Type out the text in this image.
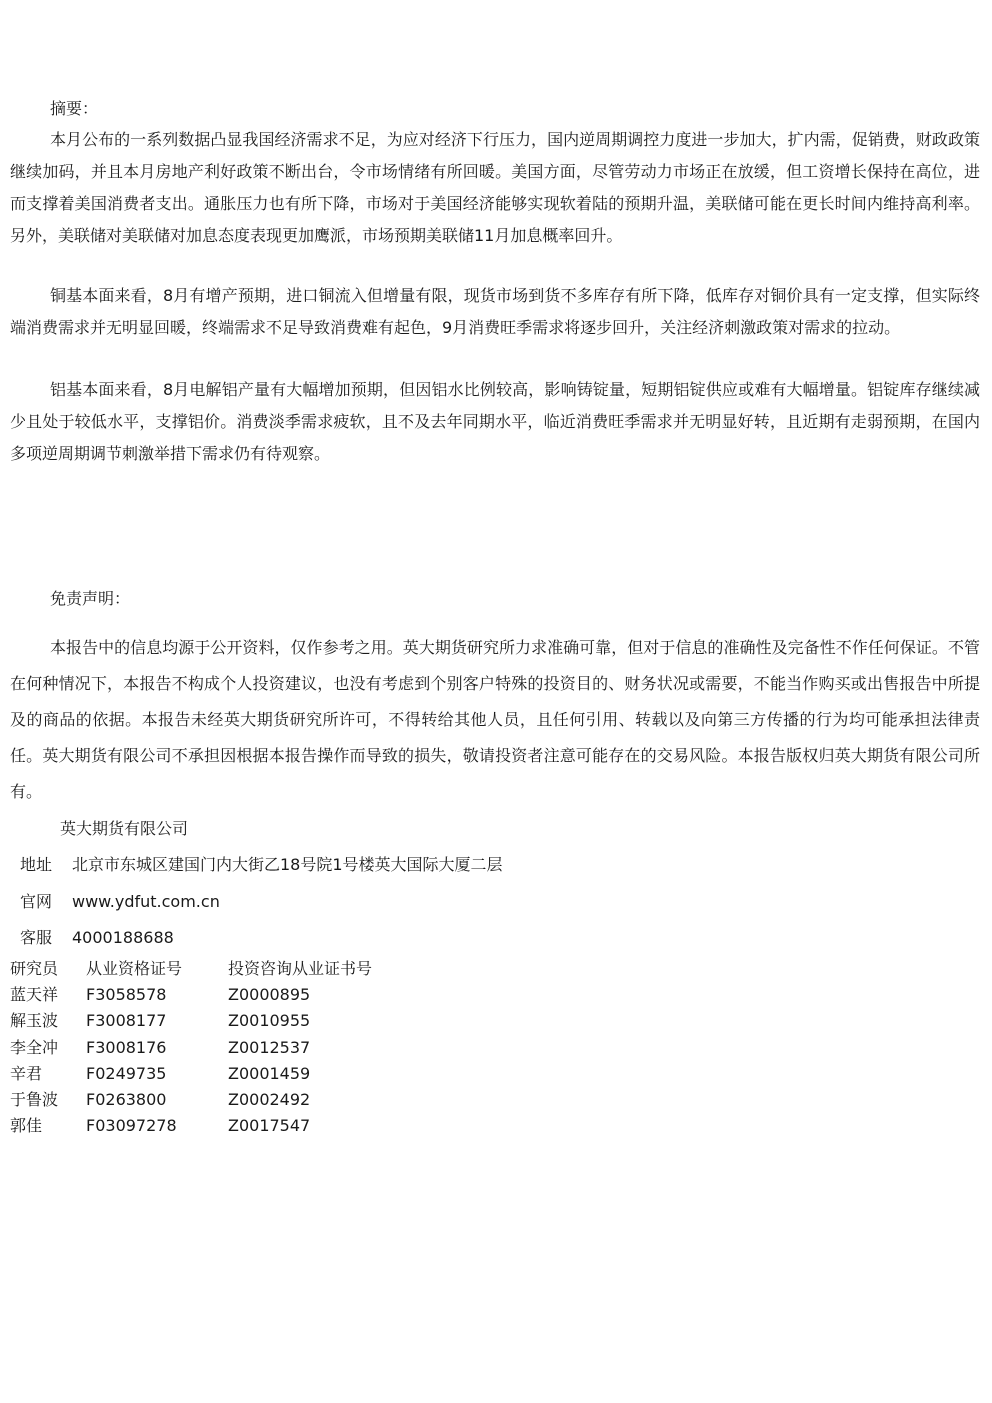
摘要：

本月公布的一系列数据凸显我国经济需求不足，为应对经济下行压力，国内逆周期调控力度进一步加大，扩内需，促销费，财政政策继续加码，并且本月房地产利好政策不断出台，令市场情绪有所回暖。美国方面，尽管劳动力市场正在放缓，但工资增长保持在高位，进而支撑着美国消费者支出。通胀压力也有所下降，市场对于美国经济能够实现软着陆的预期升温，美联储可能在更长时间内维持高利率。另外，美联储对美联储对加息态度表现更加鹰派，市场预期美联储11月加息概率回升。

铜基本面来看，8月有增产预期，进口铜流入但增量有限，现货市场到货不多库存有所下降，低库存对铜价具有一定支撑，但实际终端消费需求并无明显回暖，终端需求不足导致消费难有起色，9月消费旺季需求将逐步回升，关注经济刺激政策对需求的拉动。

铝基本面来看，8月电解铝产量有大幅增加预期，但因铝水比例较高，影响铸锭量，短期铝锭供应或难有大幅增量。铝锭库存继续减少且处于较低水平，支撑铝价。消费淡季需求疲软，且不及去年同期水平，临近消费旺季需求并无明显好转，且近期有走弱预期，在国内多项逆周期调节刺激举措下需求仍有待观察。

免责声明：

本报告中的信息均源于公开资料，仅作参考之用。英大期货研究所力求准确可靠，但对于信息的准确性及完备性不作任何保证。不管在何种情况下，本报告不构成个人投资建议，也没有考虑到个别客户特殊的投资目的、财务状况或需要，不能当作购买或出售报告中所提及的商品的依据。本报告未经英大期货研究所许可，不得转给其他人员，且任何引用、转载以及向第三方传播的行为均可能承担法律责任。英大期货有限公司不承担因根据本报告操作而导致的损失，敬请投资者注意可能存在的交易风险。本报告版权归英大期货有限公司所有。

英大期货有限公司
地址 北京市东城区建国门内大街乙18号院1号楼英大国际大厦二层
官网 www.ydfut.com.cn
客服 4000188688
研究员	从业资格证号	投资咨询从业证书号
蓝天祥	F3058578	Z0000895
解玉波	F3008177	Z0010955
李全冲	F3008176	Z0012537
辛君	F0249735	Z0001459
于鲁波	F0263800	Z0002492
郭佳	F03097278	Z0017547
